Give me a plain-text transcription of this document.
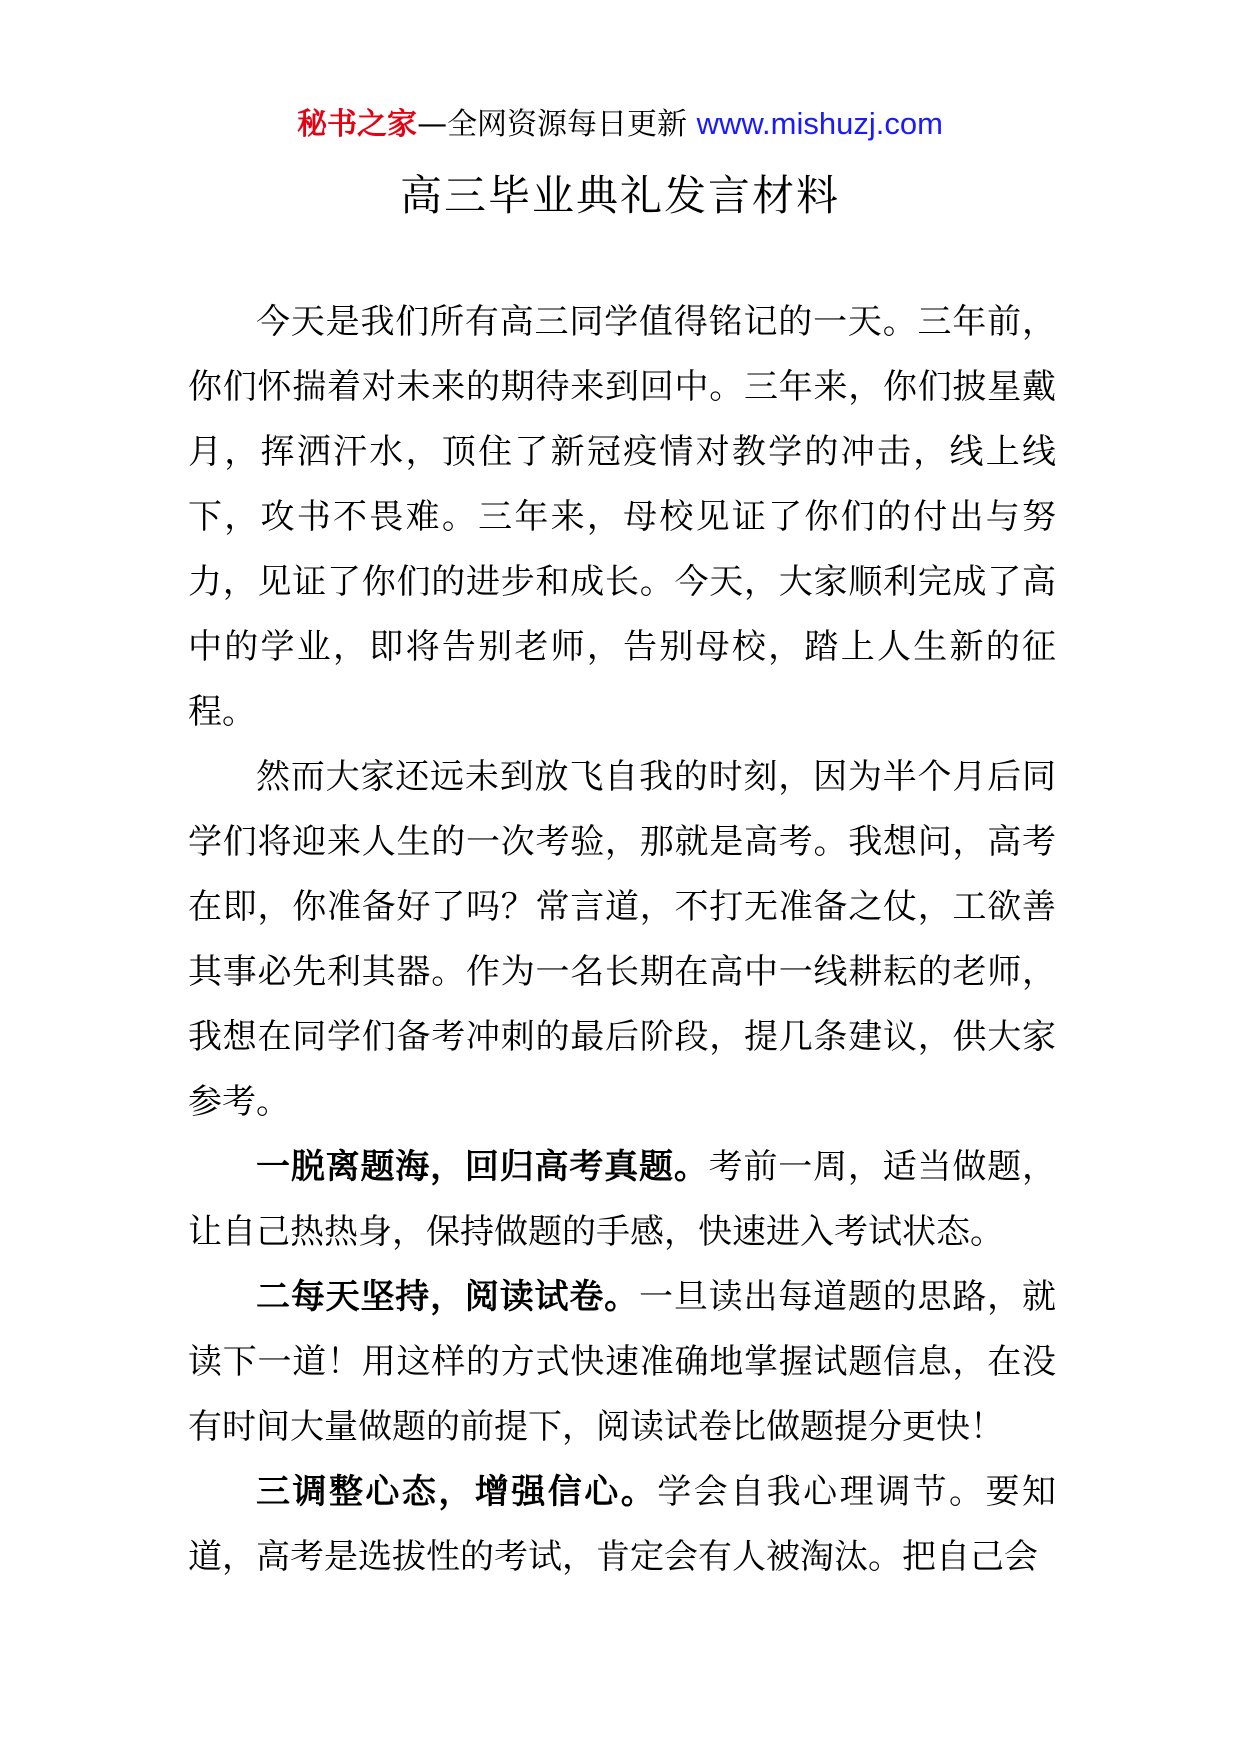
秘书之家—全网资源每日更新 www.mishuzj.com
高三毕业典礼发言材料

今天是我们所有高三同学值得铭记的一天。三年前，你们怀揣着对未来的期待来到回中。三年来，你们披星戴月，挥洒汗水，顶住了新冠疫情对教学的冲击，线上线下，攻书不畏难。三年来，母校见证了你们的付出与努力，见证了你们的进步和成长。今天，大家顺利完成了高中的学业，即将告别老师，告别母校，踏上人生新的征程。

然而大家还远未到放飞自我的时刻，因为半个月后同学们将迎来人生的一次考验，那就是高考。我想问，高考在即，你准备好了吗？常言道，不打无准备之仗，工欲善其事必先利其器。作为一名长期在高中一线耕耘的老师，我想在同学们备考冲刺的最后阶段，提几条建议，供大家参考。

一脱离题海，回归高考真题。考前一周，适当做题，让自己热热身，保持做题的手感，快速进入考试状态。

二每天坚持，阅读试卷。一旦读出每道题的思路，就读下一道！用这样的方式快速准确地掌握试题信息，在没有时间大量做题的前提下，阅读试卷比做题提分更快！

三调整心态，增强信心。学会自我心理调节。要知道，高考是选拔性的考试，肯定会有人被淘汰。把自己会
